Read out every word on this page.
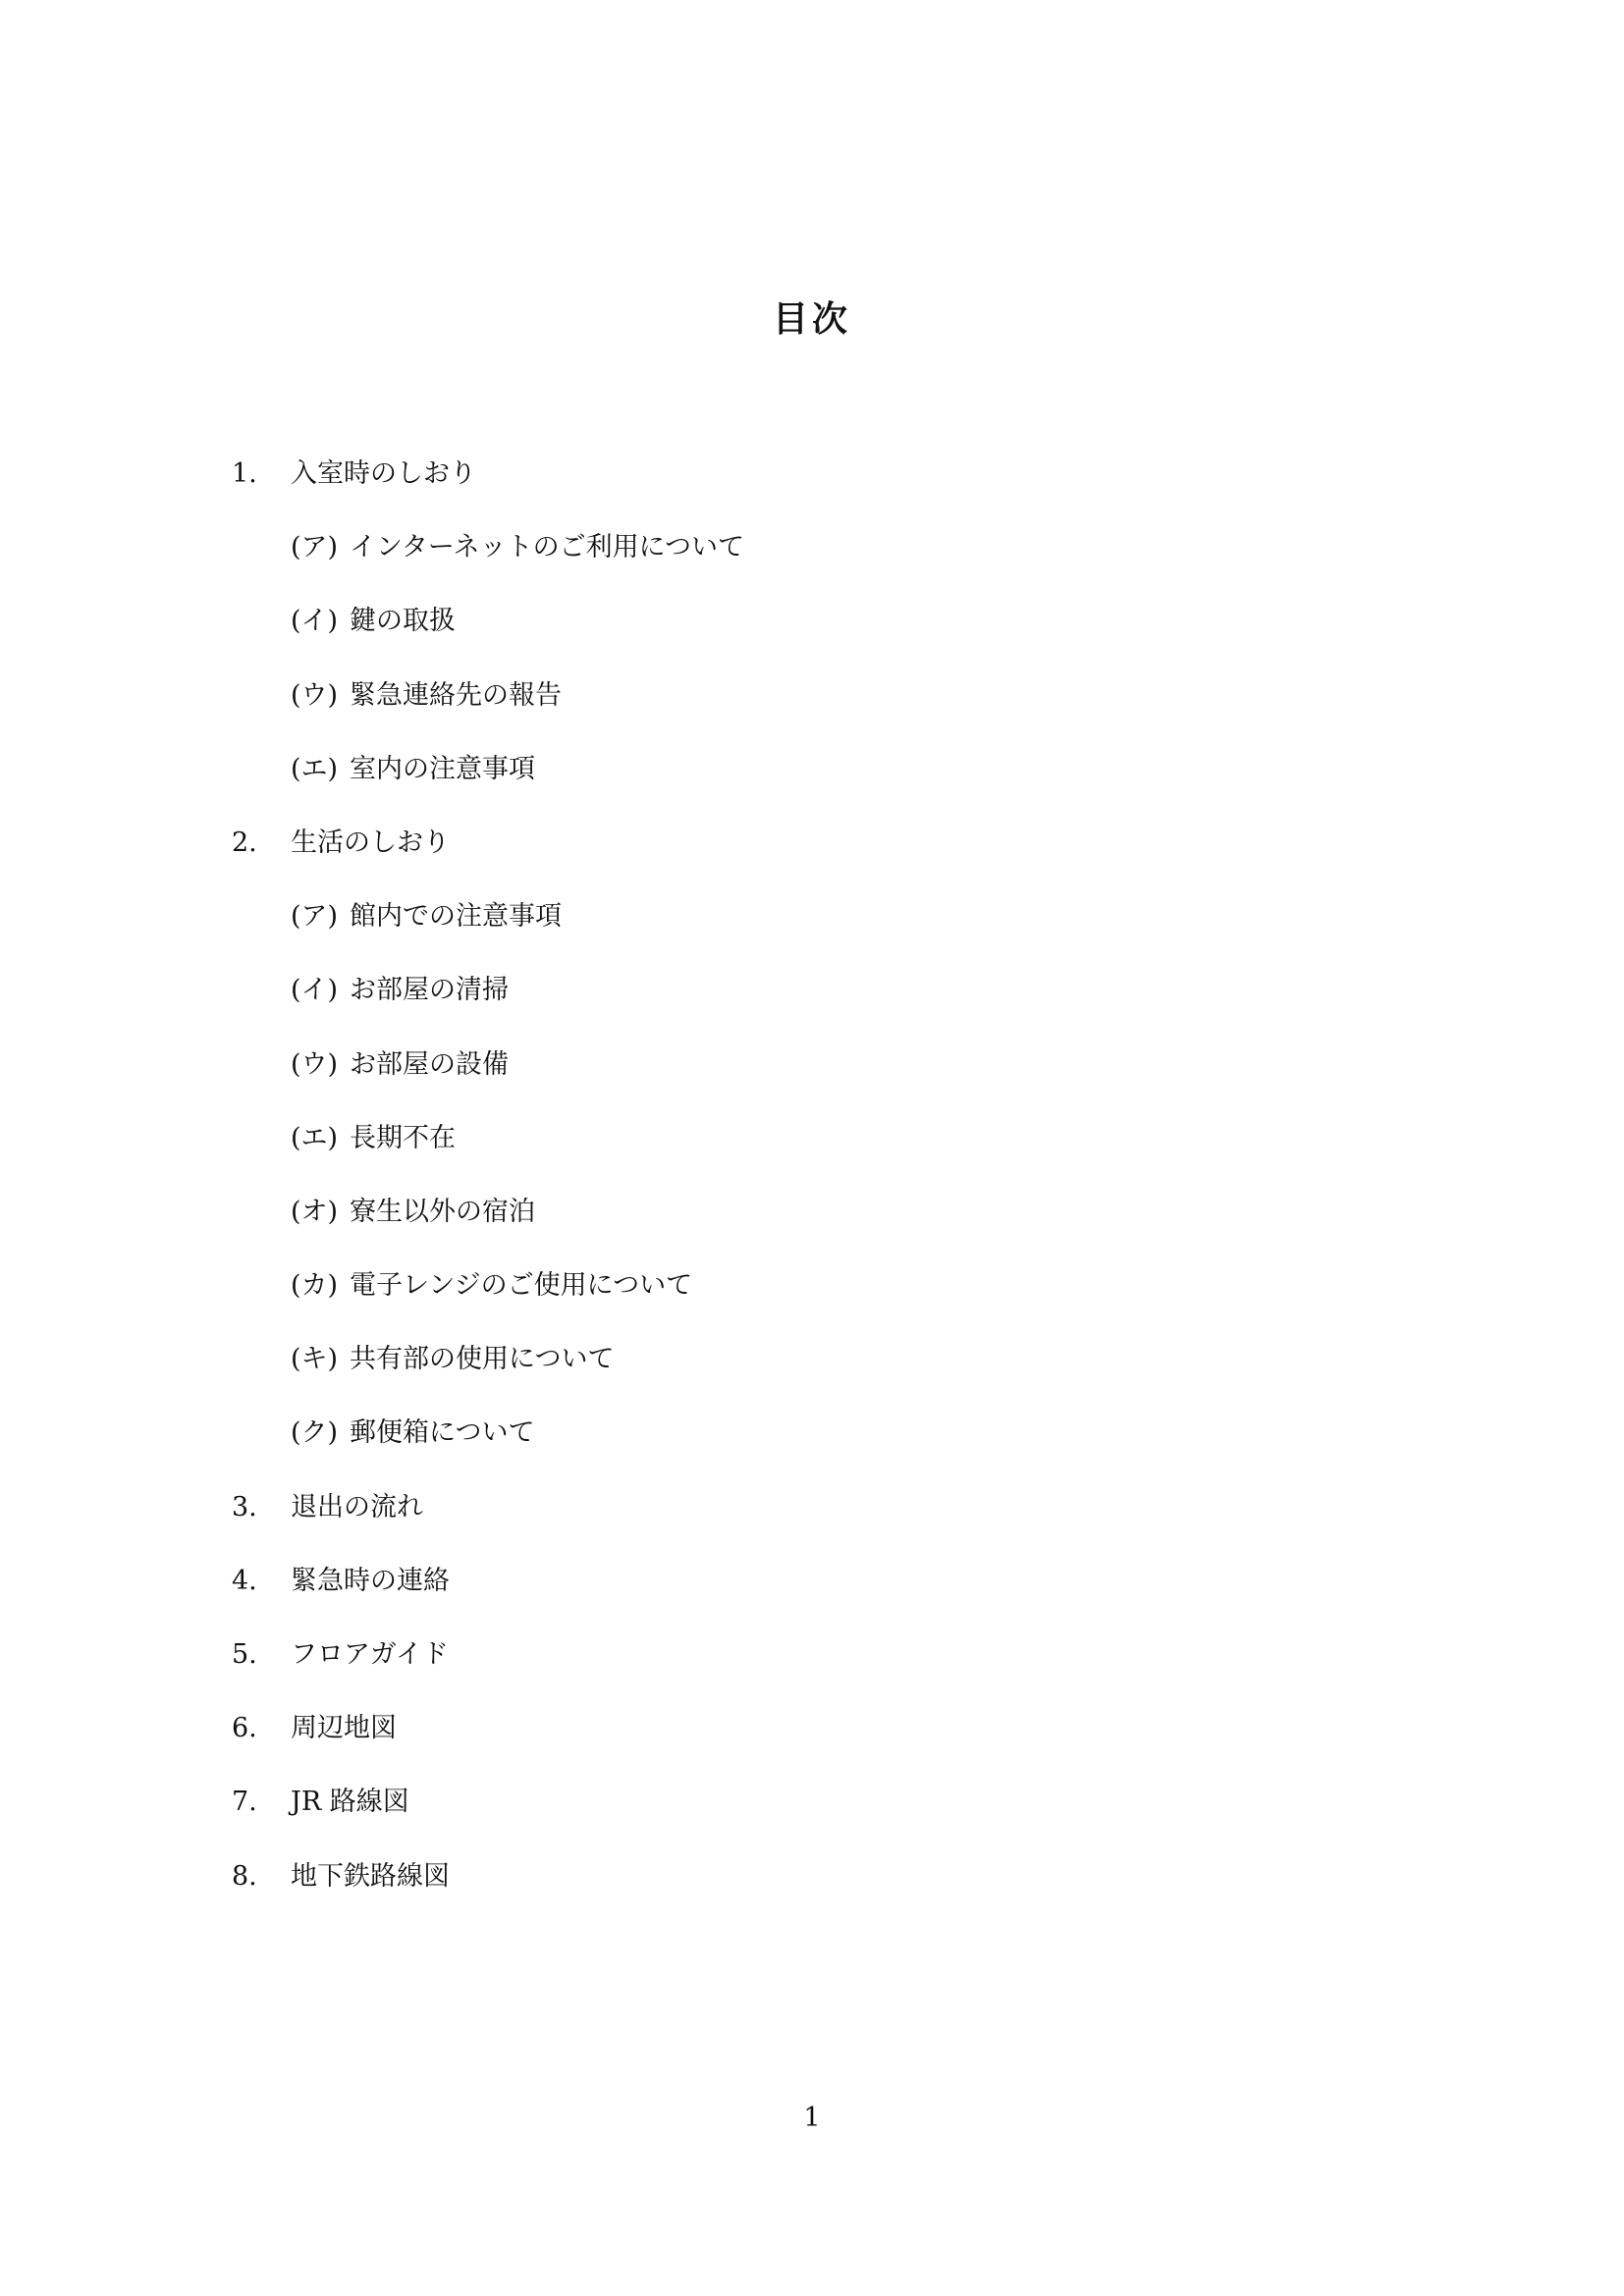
目次
1.	入室時のしおり
(ア) インターネットのご利用について
(イ) 鍵の取扱
(ウ) 緊急連絡先の報告
(エ) 室内の注意事項
2.	生活のしおり
(ア) 館内での注意事項
(イ) お部屋の清掃
(ウ) お部屋の設備
(エ) 長期不在
(オ) 寮生以外の宿泊
(カ) 電子レンジのご使用について
(キ) 共有部の使用について
(ク) 郵便箱について
3.	退出の流れ
4.	緊急時の連絡
5.	フロアガイド
6.	周辺地図
7.	JR 路線図
8.	地下鉄路線図
1
